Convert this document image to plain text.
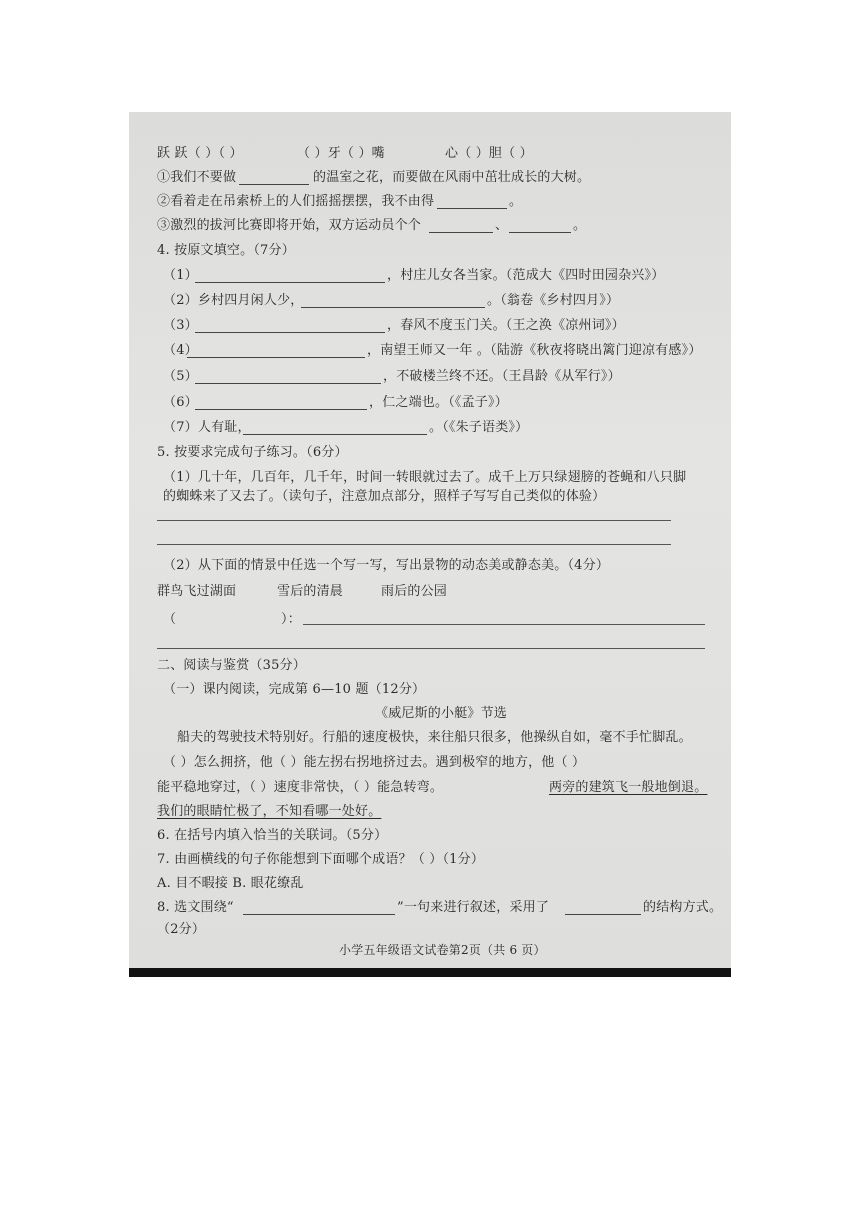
跃 跃（ ）（ ）	（ ）牙（ ）嘴	心（ ）胆（ ）
①我们不要做	的温室之花，而要做在风雨中茁壮成长的大树。
②看着走在吊索桥上的人们摇摇摆摆，我不由得	。
③激烈的拔河比赛即将开始，双方运动员个个	、	。
4. 按原文填空。（7分）
（1）	，村庄儿女各当家。（范成大《四时田园杂兴》）
（2）乡村四月闲人少，	。（翁卷《乡村四月》）
（3）	，春风不度玉门关。（王之涣《凉州词》）
（4）	，南望王师又一年 。（陆游《秋夜将晓出篱门迎凉有感》）
（5）	，不破楼兰终不还。（王昌龄《从军行》）
（6）	，仁之端也。（《孟子》）
（7）人有耻，	。（《朱子语类》）
5. 按要求完成句子练习。（6分）
（1）几十年，几百年，几千年，时间一转眼就过去了。成千上万只绿翅膀的苍蝇和八只脚
的蜘蛛来了又去了。（读句子，注意加点部分，照样子写写自己类似的体验）
（2）从下面的情景中任选一个写一写，写出景物的动态美或静态美。（4分）
群鸟飞过湖面	雪后的清晨	雨后的公园
（	）：
二、阅读与鉴赏（35分）
（一）课内阅读，完成第 6—10 题（12分）
《威尼斯的小艇》节选
船夫的驾驶技术特别好。行船的速度极快，来往船只很多，他操纵自如，毫不手忙脚乱。
（ ）怎么拥挤，他（ ）能左拐右拐地挤过去。遇到极窄的地方，他（ ）
能平稳地穿过，（ ）速度非常快，（ ）能急转弯。	两旁的建筑飞一般地倒退。
我们的眼睛忙极了，不知看哪一处好。
6. 在括号内填入恰当的关联词。（5分）
7. 由画横线的句子你能想到下面哪个成语？（ ）（1分）
A. 目不暇接 B. 眼花缭乱
8. 选文围绕“	”一句来进行叙述，采用了	的结构方式。
（2分）
小学五年级语文试卷第2页（共 6 页）
